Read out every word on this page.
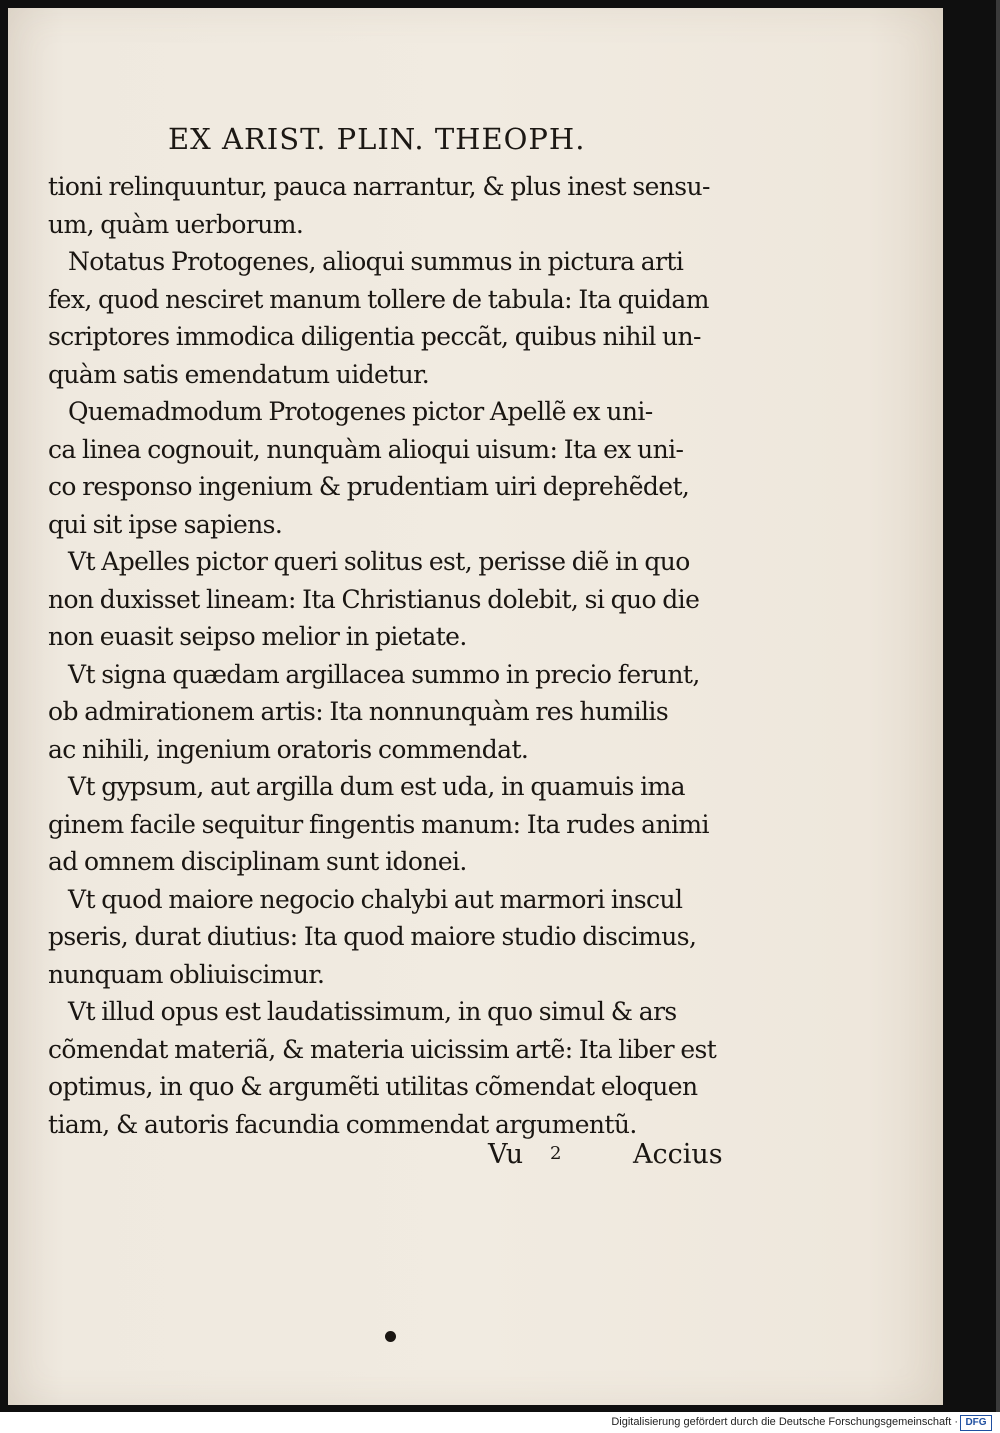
EX ARIST. PLIN. THEOPH.
tioni relinquuntur, pauca narrantur, & plus inest sensu-
um, quàm uerborum.
Notatus Protogenes, alioqui summus in pictura arti
fex, quod nesciret manum tollere de tabula: Ita quidam
scriptores immodica diligentia peccãt, quibus nihil un-
quàm satis emendatum uidetur.
Quemadmodum Protogenes pictor Apellẽ ex uni-
ca linea cognouit, nunquàm alioqui uisum: Ita ex uni-
co responso ingenium & prudentiam uiri deprehẽdet,
qui sit ipse sapiens.
Vt Apelles pictor queri solitus est, perisse diẽ in quo
non duxisset lineam: Ita Christianus dolebit, si quo die
non euasit seipso melior in pietate.
Vt signa quædam argillacea summo in precio ferunt,
ob admirationem artis: Ita nonnunquàm res humilis
ac nihili, ingenium oratoris commendat.
Vt gypsum, aut argilla dum est uda, in quamuis ima
ginem facile sequitur fingentis manum: Ita rudes animi
ad omnem disciplinam sunt idonei.
Vt quod maiore negocio chalybi aut marmori inscul
pseris, durat diutius: Ita quod maiore studio discimus,
nunquam obliuiscimur.
Vt illud opus est laudatissimum, in quo simul & ars
cõmendat materiã, & materia uicissim artẽ: Ita liber est
optimus, in quo & argumẽti utilitas cõmendat eloquen
tiam, & autoris facundia commendat argumentũ.
Vu 2	Accius
Digitalisierung gefördert durch die Deutsche Forschungsgemeinschaft · DFG
